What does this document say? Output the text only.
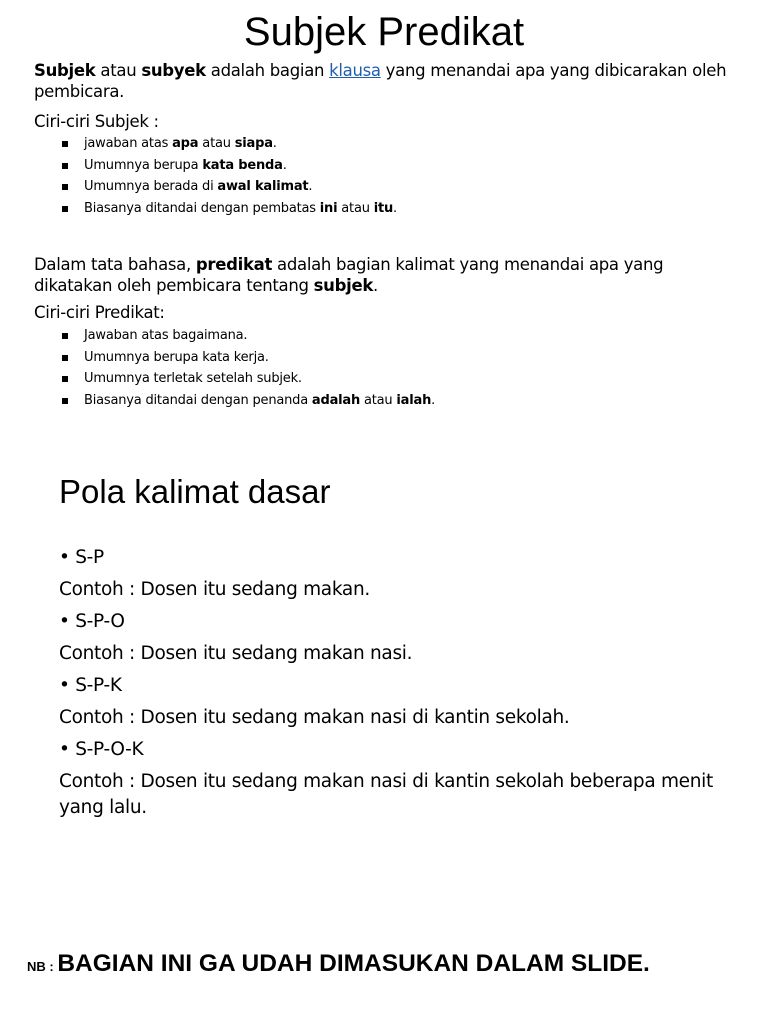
Subjek Predikat
Subjek atau subyek adalah bagian klausa yang menandai apa yang dibicarakan oleh pembicara.
Ciri-ciri Subjek :
jawaban atas apa atau siapa.
Umumnya berupa kata benda.
Umumnya berada di awal kalimat.
Biasanya ditandai dengan pembatas ini atau itu.
Dalam tata bahasa, predikat adalah bagian kalimat yang menandai apa yang dikatakan oleh pembicara tentang subjek.
Ciri-ciri Predikat:
Jawaban atas bagaimana.
Umumnya berupa kata kerja.
Umumnya terletak setelah subjek.
Biasanya ditandai dengan penanda adalah atau ialah.
Pola kalimat dasar
• S-P
Contoh : Dosen itu sedang makan.
• S-P-O
Contoh : Dosen itu sedang makan nasi.
• S-P-K
Contoh : Dosen itu sedang makan nasi di kantin sekolah.
• S-P-O-K
Contoh : Dosen itu sedang makan nasi di kantin sekolah beberapa menit yang lalu.
NB : BAGIAN INI GA UDAH DIMASUKAN DALAM SLIDE.
